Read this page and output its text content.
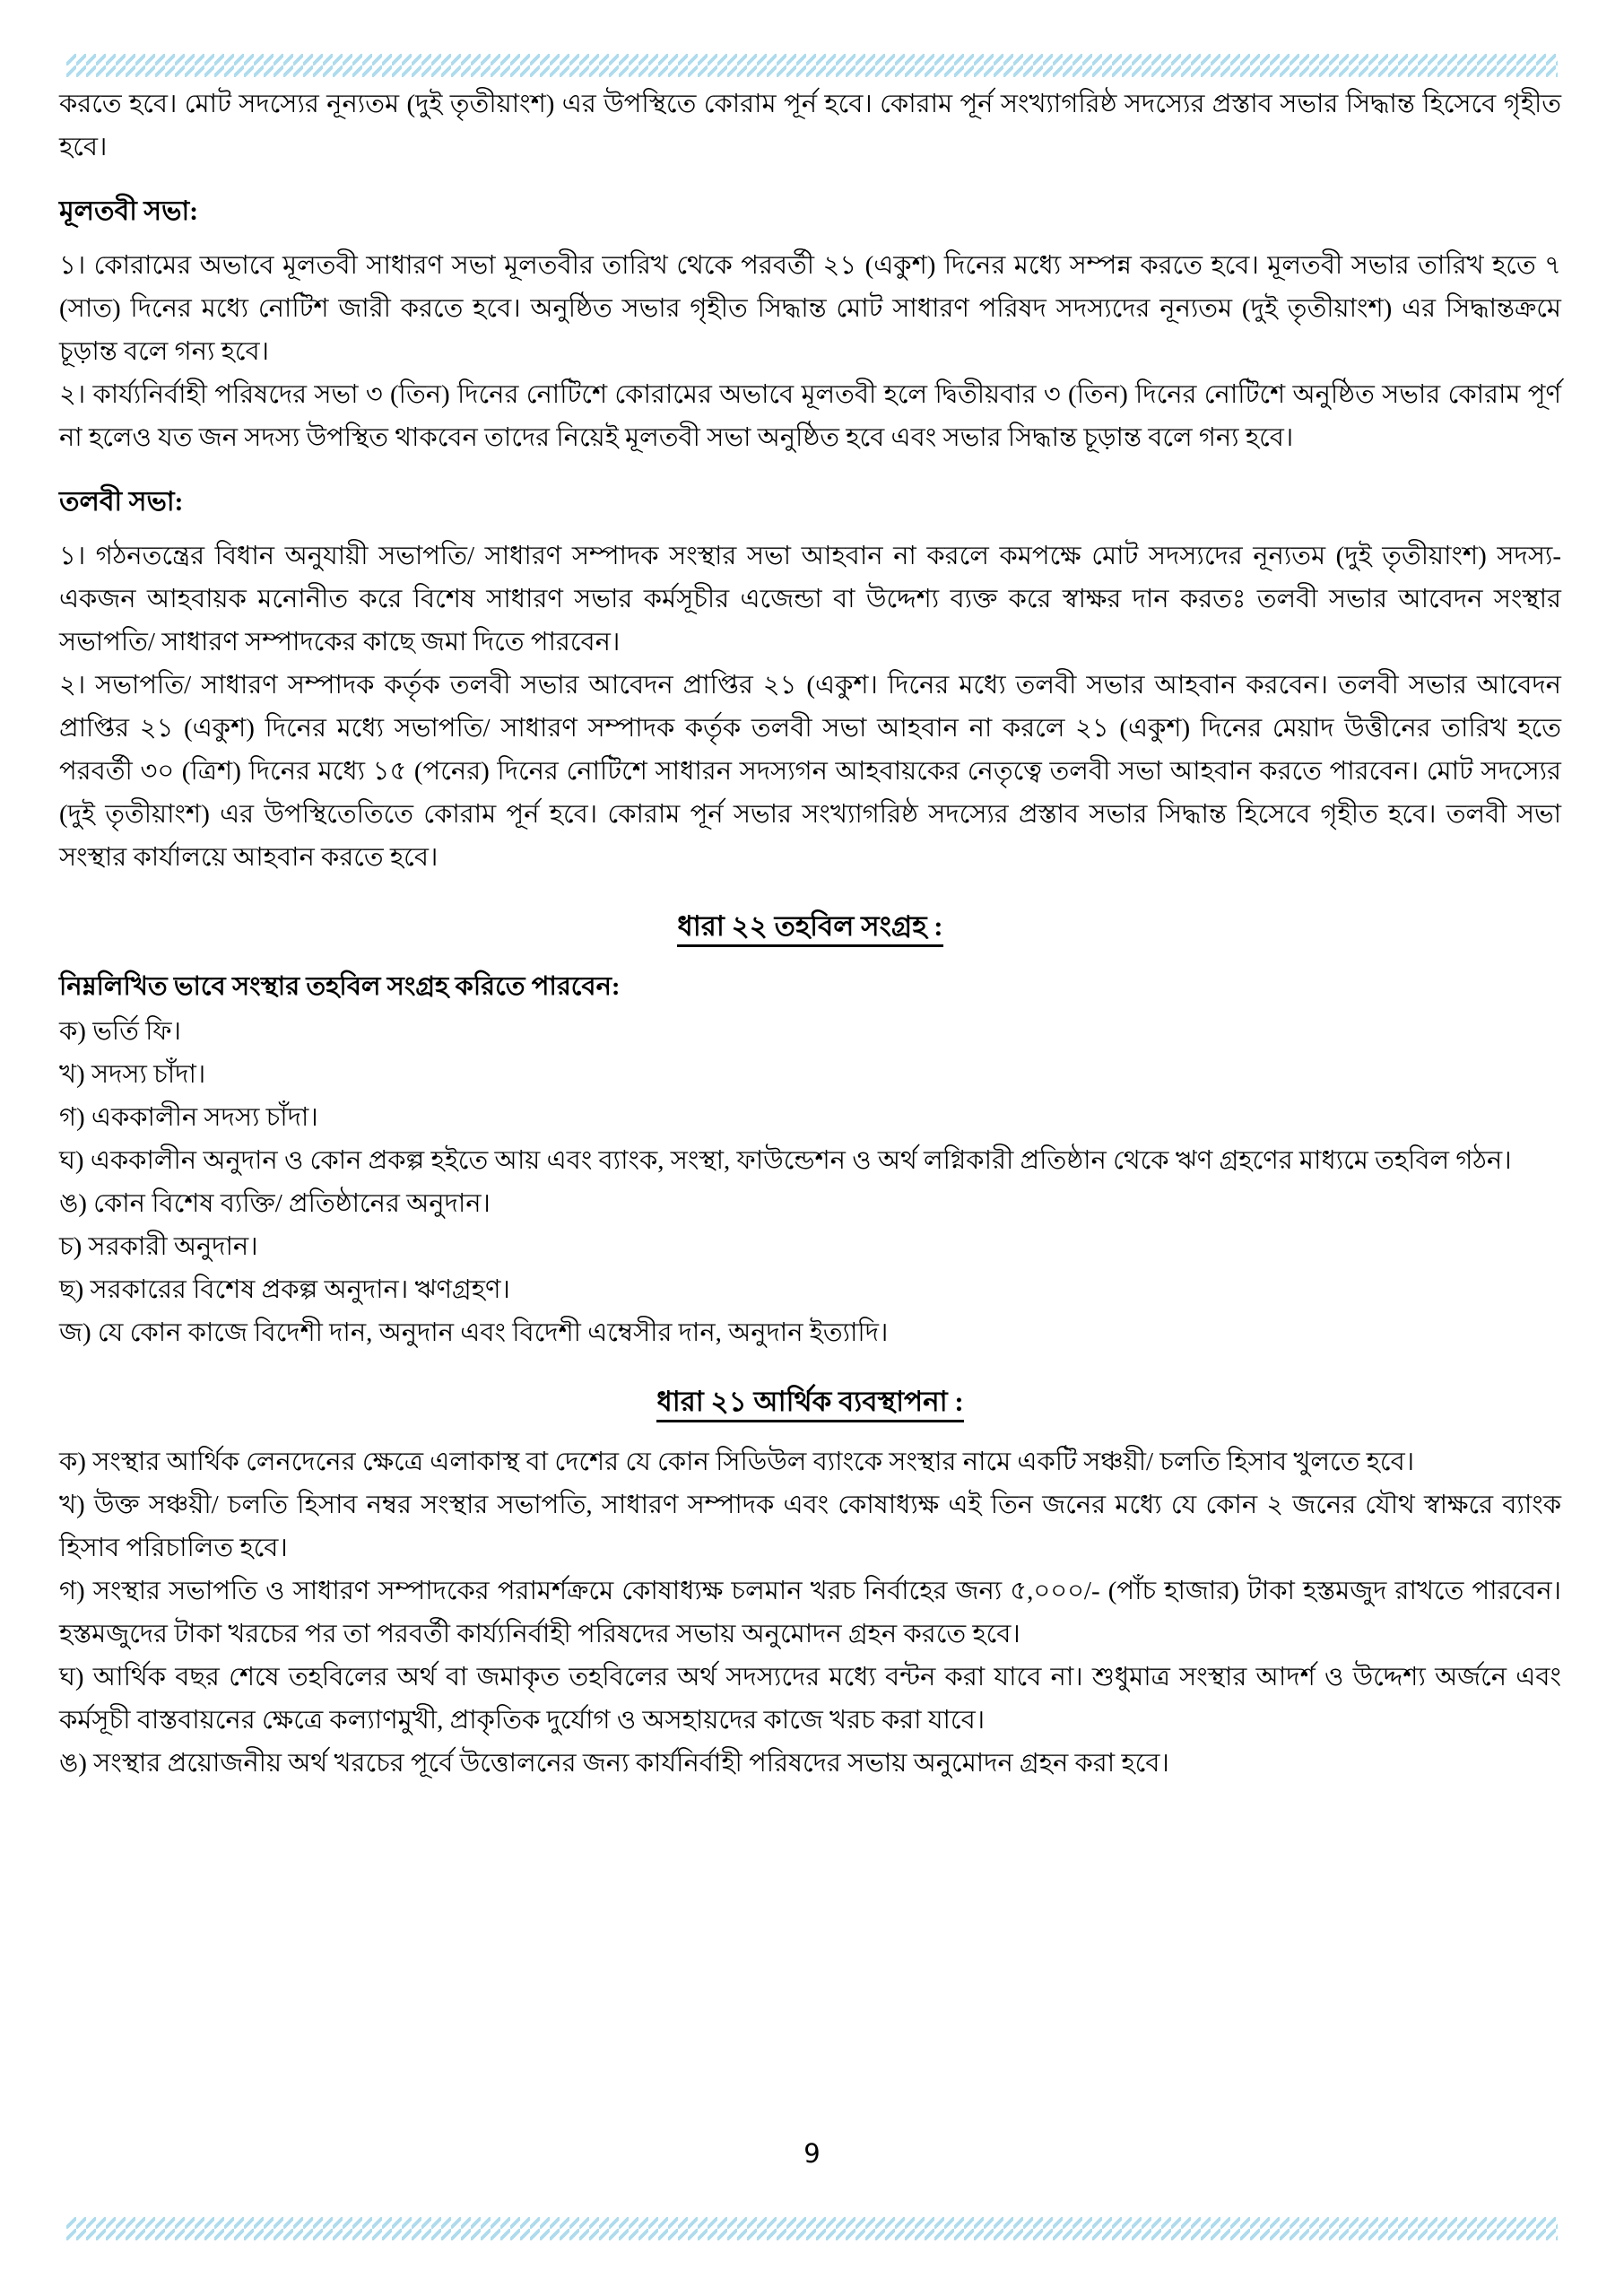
করতে হবে। মোট সদস্যের নূন্যতম (দুই তৃতীয়াংশ) এর উপস্থিতে কোরাম পূর্ন হবে। কোরাম পূর্ন সংখ্যাগরিষ্ঠ সদস্যের প্রস্তাব সভার সিদ্ধান্ত হিসেবে গৃহীত হবে।

মূলতবী সভা:

১। কোরামের অভাবে মূলতবী সাধারণ সভা মূলতবীর তারিখ থেকে পরবর্তী ২১ (একুশ) দিনের মধ্যে সম্পন্ন করতে হবে। মূলতবী সভার তারিখ হতে ৭ (সাত) দিনের মধ্যে নোটিশ জারী করতে হবে। অনুষ্ঠিত সভার গৃহীত সিদ্ধান্ত মোট সাধারণ পরিষদ সদস্যদের নূন্যতম (দুই তৃতীয়াংশ) এর সিদ্ধান্তক্রমে চূড়ান্ত বলে গন্য হবে।

২। কার্য্যনির্বাহী পরিষদের সভা ৩ (তিন) দিনের নোটিশে কোরামের অভাবে মূলতবী হলে দ্বিতীয়বার ৩ (তিন) দিনের নোটিশে অনুষ্ঠিত সভার কোরাম পূর্ণ না হলেও যত জন সদস্য উপস্থিত থাকবেন তাদের নিয়েই মূলতবী সভা অনুষ্ঠিত হবে এবং সভার সিদ্ধান্ত চূড়ান্ত বলে গন্য হবে।

তলবী সভা:

১। গঠনতন্ত্রের বিধান অনুযায়ী সভাপতি/ সাধারণ সম্পাদক সংস্থার সভা আহবান না করলে কমপক্ষে মোট সদস্যদের নূন্যতম (দুই তৃতীয়াংশ) সদস্য- একজন আহবায়ক মনোনীত করে বিশেষ সাধারণ সভার কর্মসূচীর এজেন্ডা বা উদ্দেশ্য ব্যক্ত করে স্বাক্ষর দান করতঃ তলবী সভার আবেদন সংস্থার সভাপতি/ সাধারণ সম্পাদকের কাছে জমা দিতে পারবেন।

২। সভাপতি/ সাধারণ সম্পাদক কর্তৃক তলবী সভার আবেদন প্রাপ্তির ২১ (একুশ। দিনের মধ্যে তলবী সভার আহবান করবেন। তলবী সভার আবেদন প্রাপ্তির ২১ (একুশ) দিনের মধ্যে সভাপতি/ সাধারণ সম্পাদক কর্তৃক তলবী সভা আহবান না করলে ২১ (একুশ) দিনের মেয়াদ উত্তীনের তারিখ হতে পরবর্তী ৩০ (ত্রিশ) দিনের মধ্যে ১৫ (পনের) দিনের নোটিশে সাধারন সদস্যগন আহবায়কের নেতৃত্বে তলবী সভা আহবান করতে পারবেন। মোট সদস্যের (দুই তৃতীয়াংশ) এর উপস্থিতেতিতে কোরাম পূর্ন হবে। কোরাম পূর্ন সভার সংখ্যাগরিষ্ঠ সদস্যের প্রস্তাব সভার সিদ্ধান্ত হিসেবে গৃহীত হবে। তলবী সভা সংস্থার কার্যালয়ে আহবান করতে হবে।

ধারা ২২ তহবিল সংগ্রহ :

নিম্নলিখিত ভাবে সংস্থার তহবিল সংগ্রহ করিতে পারবেন:

ক) ভর্তি ফি।

খ) সদস্য চাঁদা।

গ) এককালীন সদস্য চাঁদা।

ঘ) এককালীন অনুদান ও কোন প্রকল্প হইতে আয় এবং ব্যাংক, সংস্থা, ফাউন্ডেশন ও অর্থ লগ্নিকারী প্রতিষ্ঠান থেকে ঋণ গ্রহণের মাধ্যমে তহবিল গঠন।

ঙ) কোন বিশেষ ব্যক্তি/ প্রতিষ্ঠানের অনুদান।

চ) সরকারী অনুদান।

ছ) সরকারের বিশেষ প্রকল্প অনুদান। ঋণগ্রহণ।

জ) যে কোন কাজে বিদেশী দান, অনুদান এবং বিদেশী এম্বেসীর দান, অনুদান ইত্যাদি।

ধারা ২১ আর্থিক ব্যবস্থাপনা :

ক) সংস্থার আর্থিক লেনদেনের ক্ষেত্রে এলাকাস্থ বা দেশের যে কোন সিডিউল ব্যাংকে সংস্থার নামে একটি সঞ্চয়ী/ চলতি হিসাব খুলতে হবে।

খ) উক্ত সঞ্চয়ী/ চলতি হিসাব নম্বর সংস্থার সভাপতি, সাধারণ সম্পাদক এবং কোষাধ্যক্ষ এই তিন জনের মধ্যে যে কোন ২ জনের যৌথ স্বাক্ষরে ব্যাংক হিসাব পরিচালিত হবে।

গ) সংস্থার সভাপতি ও সাধারণ সম্পাদকের পরামর্শক্রমে কোষাধ্যক্ষ চলমান খরচ নির্বাহের জন্য ৫,০০০/- (পাঁচ হাজার) টাকা হস্তমজুদ রাখতে পারবেন। হস্তমজুদের টাকা খরচের পর তা পরবর্তী কার্য্যনির্বাহী পরিষদের সভায় অনুমোদন গ্রহন করতে হবে।

ঘ) আর্থিক বছর শেষে তহবিলের অর্থ বা জমাকৃত তহবিলের অর্থ সদস্যদের মধ্যে বন্টন করা যাবে না। শুধুমাত্র সংস্থার আদর্শ ও উদ্দেশ্য অর্জনে এবং কর্মসূচী বাস্তবায়নের ক্ষেত্রে কল্যাণমুখী, প্রাকৃতিক দুর্যোগ ও অসহায়দের কাজে খরচ করা যাবে।

ঙ) সংস্থার প্রয়োজনীয় অর্থ খরচের পূর্বে উত্তোলনের জন্য কার্যনির্বাহী পরিষদের সভায় অনুমোদন গ্রহন করা হবে।

9
